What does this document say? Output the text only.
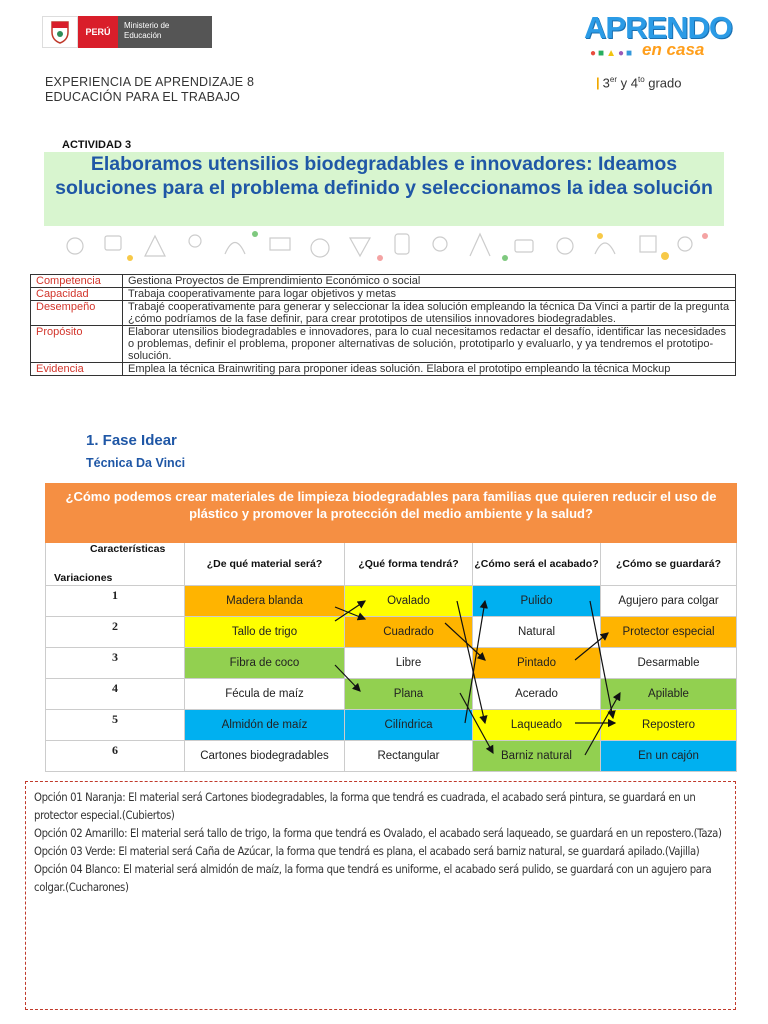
PERÚ
Ministerio de Educación	APRENDO
●■▲●■ en casa
EXPERIENCIA DE APRENDIZAJE 8
EDUCACIÓN PARA EL TRABAJO
| 3er y $4^{to}$ grado
ACTIVIDAD 3
Elaboramos utensilios biodegradables e innovadores: Ideamos soluciones para el problema definido y seleccionamos la idea solución
Competencia	Gestiona Proyectos de Emprendimiento Económico o social
Capacidad	Trabaja cooperativamente para logar objetivos y metas
Desempeño	Trabajé cooperativamente para generar y seleccionar la idea solución empleando la técnica Da Vinci a partir de la pregunta ¿cómo podríamos de la fase definir, para crear prototipos de utensilios innovadores biodegradables.
Propósito	Elaborar utensilios biodegradables e innovadores, para lo cual necesitamos redactar el desafío, identificar las necesidades o problemas, definir el problema, proponer alternativas de solución, prototiparlo y evaluarlo, y ya tendremos el prototipo-solución.
Evidencia	Emplea la técnica Brainwriting para proponer ideas solución. Elabora el prototipo empleando la técnica Mockup
1. Fase Idear
Técnica Da Vinci
¿Cómo podemos crear materiales de limpieza biodegradables para familias que quieren reducir el uso de plástico y promover la protección del medio ambiente y la salud?
Características
Variaciones
¿De qué material será?	¿Qué forma tendrá?	¿Cómo será el acabado?	¿Cómo se guardará?
1	Madera blanda	Ovalado	Pulido	Agujero para colgar
2	Tallo de trigo	Cuadrado	Natural	Protector especial
3	Fibra de coco	Libre	Pintado	Desarmable
4	Fécula de maíz	Plana	Acerado	Apilable
5	Almidón de maíz	Cilíndrica	Laqueado	Repostero
6	Cartones biodegradables	Rectangular	Barniz natural	En un cajón

Opción 01 Naranja: El material será Cartones biodegradables, la forma que tendrá es cuadrada, el acabado será pintura, se guardará en un protector especial.(Cubiertos)

Opción 02 Amarillo: El material será tallo de trigo, la forma que tendrá es Ovalado, el acabado será laqueado, se guardará en un repostero.(Taza)

Opción 03 Verde: El material será Caña de Azúcar, la forma que tendrá es plana, el acabado será barniz natural, se guardará apilado.(Vajilla)

Opción 04 Blanco: El material será almidón de maíz, la forma que tendrá es uniforme, el acabado será pulido, se guardará con un agujero para colgar.(Cucharones)
